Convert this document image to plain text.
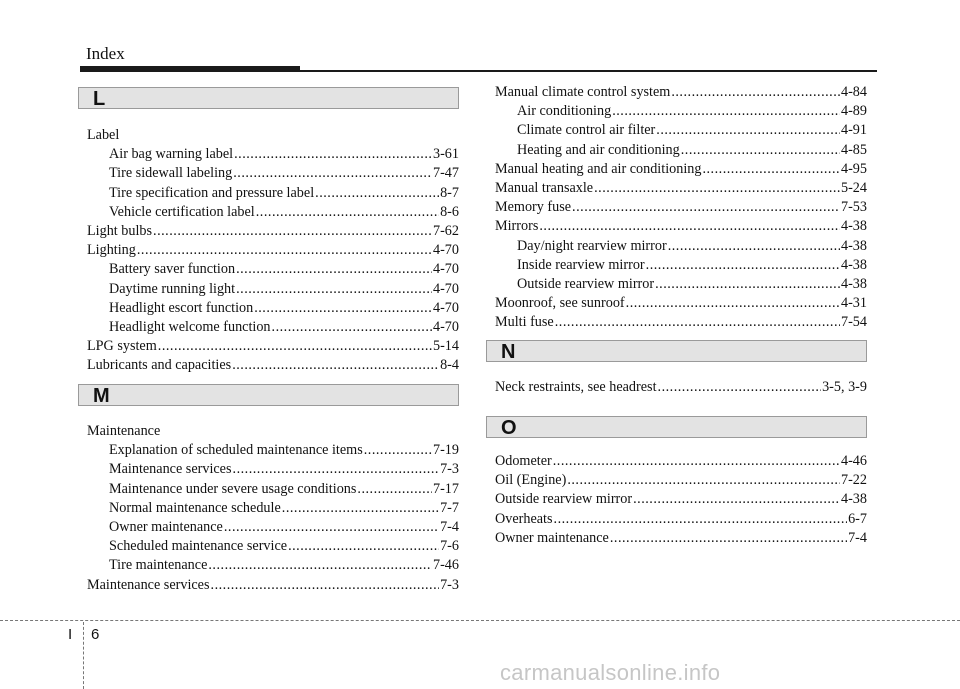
Index
L
Label
Air bag warning label .....	3-61
Tire sidewall labeling .....	7-47
Tire specification and pressure label .....	8-7
Vehicle certification label .....	8-6
Light bulbs .....	7-62
Lighting .....	4-70
Battery saver function .....	4-70
Daytime running light .....	4-70
Headlight escort function .....	4-70
Headlight welcome function .....	4-70
LPG system .....	5-14
Lubricants and capacities .....	8-4
M
Maintenance
Explanation of scheduled maintenance items .....	7-19
Maintenance services .....	7-3
Maintenance under severe usage conditions .....	7-17
Normal maintenance schedule .....	7-7
Owner maintenance .....	7-4
Scheduled maintenance service .....	7-6
Tire maintenance .....	7-46
Maintenance services .....	7-3
Manual climate control system .....	4-84
Air conditioning .....	4-89
Climate control air filter .....	4-91
Heating and air conditioning .....	4-85
Manual heating and air conditioning .....	4-95
Manual transaxle .....	5-24
Memory fuse .....	7-53
Mirrors .....	4-38
Day/night rearview mirror .....	4-38
Inside rearview mirror .....	4-38
Outside rearview mirror .....	4-38
Moonroof, see sunroof .....	4-31
Multi fuse .....	7-54
N
Neck restraints, see headrest .....	3-5, 3-9
O
Odometer .....	4-46
Oil (Engine) .....	7-22
Outside rearview mirror .....	4-38
Overheats .....	6-7
Owner maintenance .....	7-4
I 6
carmanualsonline.info
